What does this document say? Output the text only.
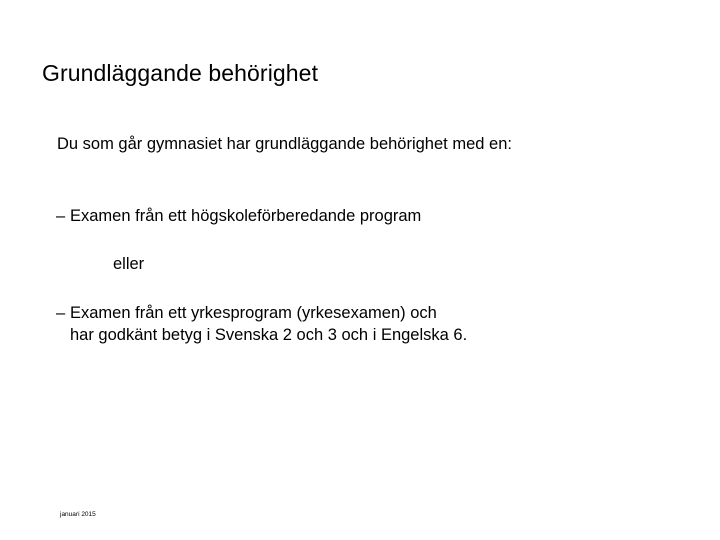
Grundläggande behörighet
Du som går gymnasiet har grundläggande behörighet med en:
– Examen från ett högskoleförberedande program
eller
– Examen från ett yrkesprogram (yrkesexamen) och
har godkänt betyg i Svenska 2 och 3 och i Engelska 6.
januari 2015
